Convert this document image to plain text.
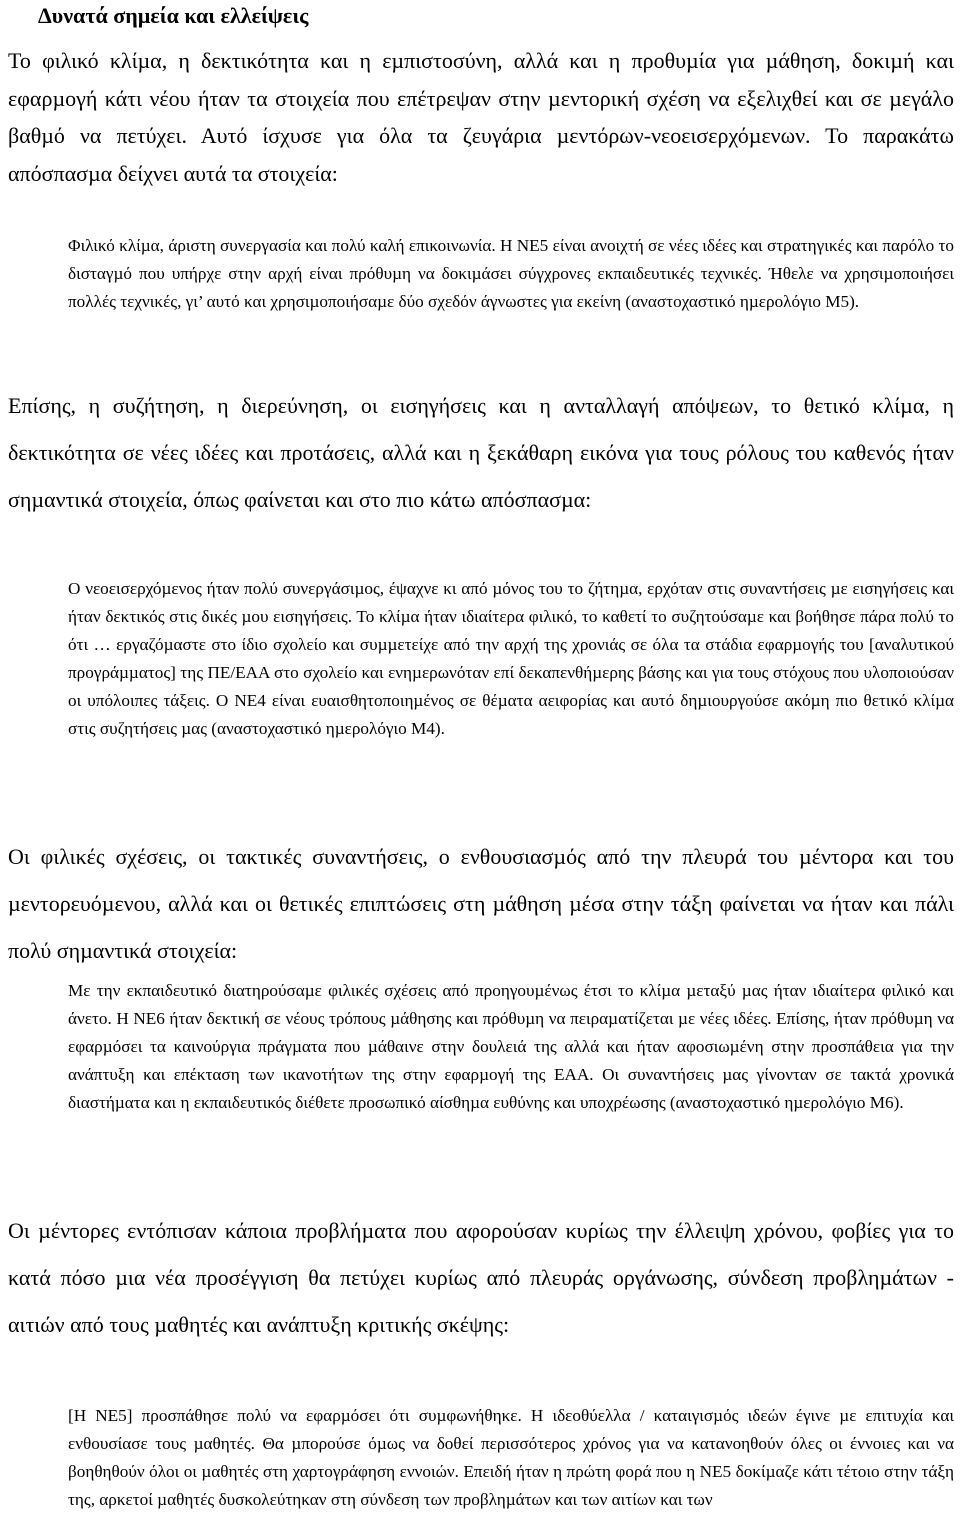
Δυνατά σηµεία και ελλείψεις

Το φιλικό κλίµα, η δεκτικότητα και η εµπιστοσύνη, αλλά και η προθυµία για µάθηση, δοκιµή και εφαρµογή κάτι νέου ήταν τα στοιχεία που επέτρεψαν στην µεντορική σχέση να εξελιχθεί και σε µεγάλο βαθµό να πετύχει. Αυτό ίσχυσε για όλα τα ζευγάρια µεντόρων-νεοεισερχόµενων. Το παρακάτω απόσπασµα δείχνει αυτά τα στοιχεία:

Φιλικό κλίµα, άριστη συνεργασία και πολύ καλή επικοινωνία. Η ΝΕ5 είναι ανοιχτή σε νέες ιδέες και στρατηγικές και παρόλο το δισταγµό που υπήρχε στην αρχή είναι πρόθυµη να δοκιµάσει σύγχρονες εκπαιδευτικές τεχνικές. Ήθελε να χρησιµοποιήσει πολλές τεχνικές, γι’ αυτό και χρησιµοποιήσαµε δύο σχεδόν άγνωστες για εκείνη (αναστοχαστικό ηµερολόγιο Μ5).

Επίσης, η συζήτηση, η διερεύνηση, οι εισηγήσεις και η ανταλλαγή απόψεων, το θετικό κλίµα, η δεκτικότητα σε νέες ιδέες και προτάσεις, αλλά και η ξεκάθαρη εικόνα για τους ρόλους του καθενός ήταν σηµαντικά στοιχεία, όπως φαίνεται και στο πιο κάτω απόσπασµα:

Ο νεοεισερχόµενος ήταν πολύ συνεργάσιµος, έψαχνε κι από µόνος του το ζήτηµα, ερχόταν στις συναντήσεις µε εισηγήσεις και ήταν δεκτικός στις δικές µου εισηγήσεις. Το κλίµα ήταν ιδιαίτερα φιλικό, το καθετί το συζητούσαµε και βοήθησε πάρα πολύ το ότι … εργαζόµαστε στο ίδιο σχολείο και συµµετείχε από την αρχή της χρονιάς σε όλα τα στάδια εφαρµογής του [αναλυτικού προγράµµατος] της ΠΕ/ΕΑΑ στο σχολείο και ενηµερωνόταν επί δεκαπενθήµερης βάσης και για τους στόχους που υλοποιούσαν οι υπόλοιπες τάξεις. Ο ΝΕ4 είναι ευαισθητοποιηµένος σε θέµατα αειφορίας και αυτό δηµιουργούσε ακόµη πιο θετικό κλίµα στις συζητήσεις µας (αναστοχαστικό ηµερολόγιο Μ4).

Οι φιλικές σχέσεις, οι τακτικές συναντήσεις, ο ενθουσιασµός από την πλευρά του µέντορα και του µεντορευόµενου, αλλά και οι θετικές επιπτώσεις στη µάθηση µέσα στην τάξη φαίνεται να ήταν και πάλι πολύ σηµαντικά στοιχεία:

Με την εκπαιδευτικό διατηρούσαµε φιλικές σχέσεις από προηγουµένως έτσι το κλίµα µεταξύ µας ήταν ιδιαίτερα φιλικό και άνετο. Η ΝΕ6 ήταν δεκτική σε νέους τρόπους µάθησης και πρόθυµη να πειραµατίζεται µε νέες ιδέες. Επίσης, ήταν πρόθυµη να εφαρµόσει τα καινούργια πράγµατα που µάθαινε στην δουλειά της αλλά και ήταν αφοσιωµένη στην προσπάθεια για την ανάπτυξη και επέκταση των ικανοτήτων της στην εφαρµογή της ΕΑΑ. Οι συναντήσεις µας γίνονταν σε τακτά χρονικά διαστήµατα και η εκπαιδευτικός διέθετε προσωπικό αίσθηµα ευθύνης και υποχρέωσης (αναστοχαστικό ηµερολόγιο Μ6).

Οι µέντορες εντόπισαν κάποια προβλήµατα που αφορούσαν κυρίως την έλλειψη χρόνου, φοβίες για το κατά πόσο µια νέα προσέγγιση θα πετύχει κυρίως από πλευράς οργάνωσης, σύνδεση προβληµάτων - αιτιών από τους µαθητές και ανάπτυξη κριτικής σκέψης:

[Η ΝΕ5] προσπάθησε πολύ να εφαρµόσει ότι συµφωνήθηκε. Η ιδεοθύελλα / καταιγισµός ιδεών έγινε µε επιτυχία και ενθουσίασε τους µαθητές. Θα µπορούσε όµως να δοθεί περισσότερος χρόνος για να κατανοηθούν όλες οι έννοιες και να βοηθηθούν όλοι οι µαθητές στη χαρτογράφηση εννοιών. Επειδή ήταν η πρώτη φορά που η ΝΕ5 δοκίµαζε κάτι τέτοιο στην τάξη της, αρκετοί µαθητές δυσκολεύτηκαν στη σύνδεση των προβληµάτων και των αιτίων και των
